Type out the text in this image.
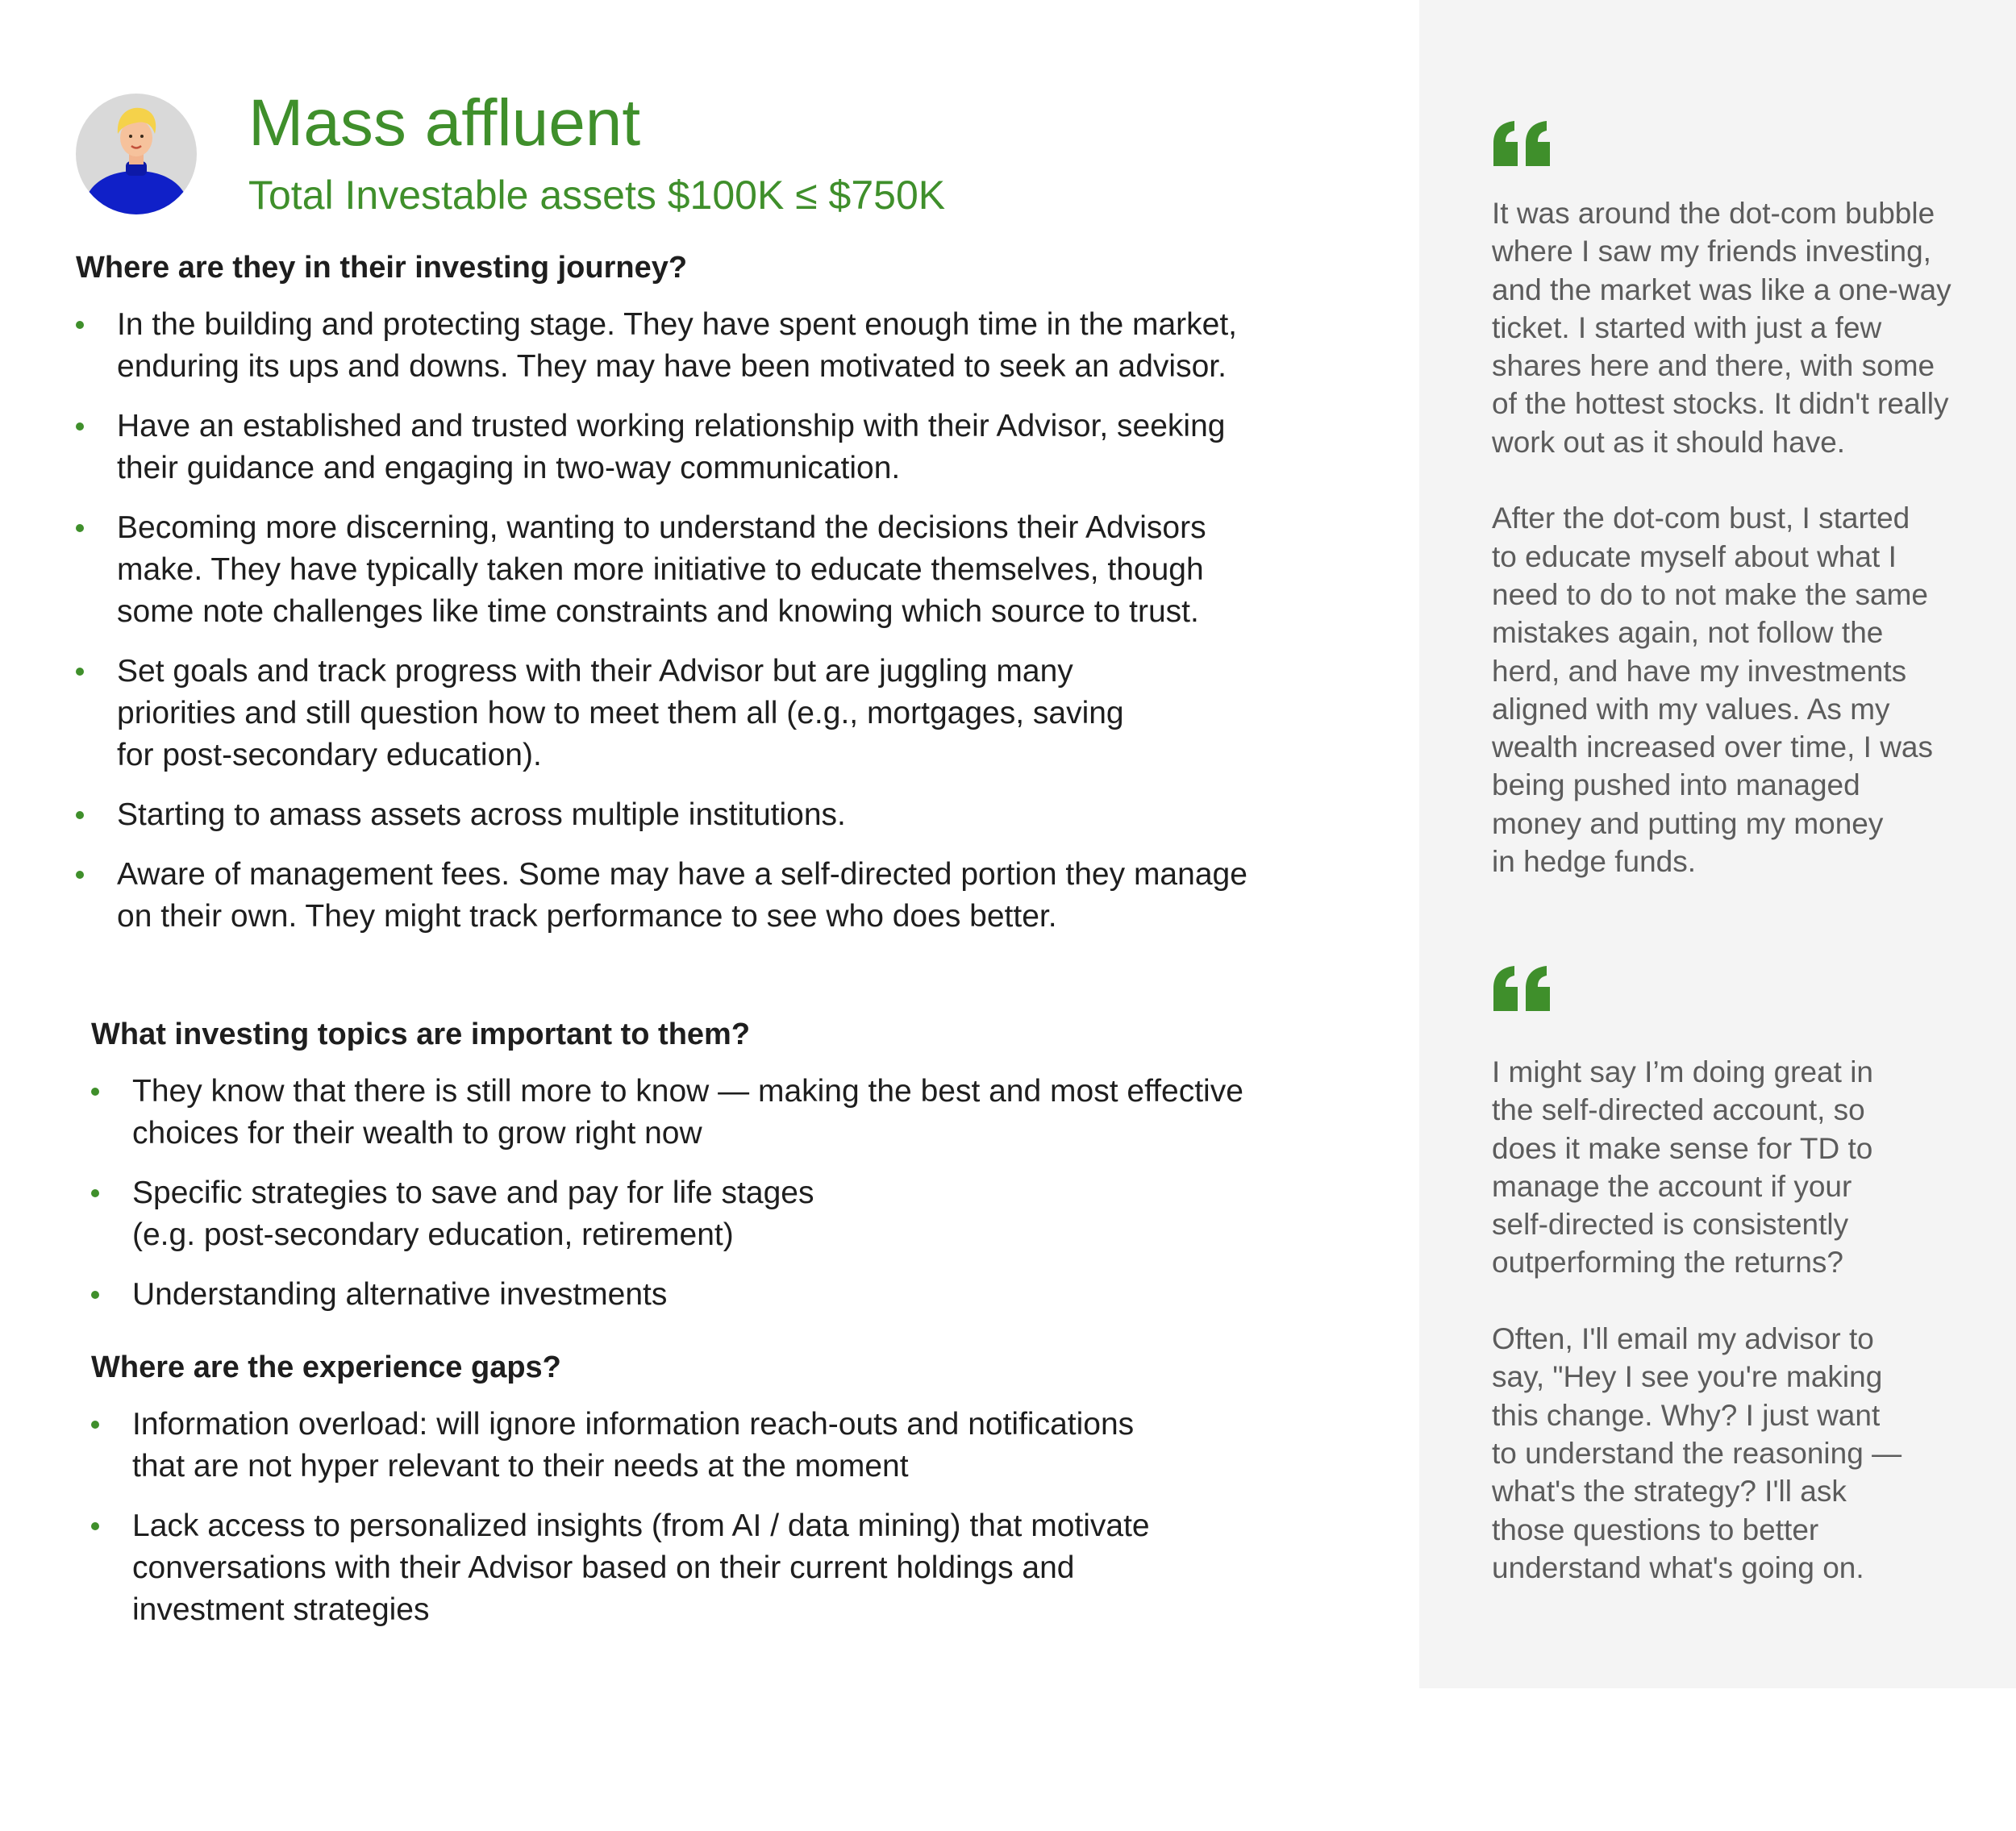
Mass affluent

Total Investable assets $100K ≤ $750K

Where are they in their investing journey?
In the building and protecting stage. They have spent enough time in the market,
enduring its ups and downs. They may have been motivated to seek an advisor.
Have an established and trusted working relationship with their Advisor, seeking
their guidance and engaging in two-way communication.
Becoming more discerning, wanting to understand the decisions their Advisors
make. They have typically taken more initiative to educate themselves, though
some note challenges like time constraints and knowing which source to trust.
Set goals and track progress with their Advisor but are juggling many
priorities and still question how to meet them all (e.g., mortgages, saving
for post-secondary education).
Starting to amass assets across multiple institutions.
Aware of management fees. Some may have a self-directed portion they manage
on their own. They might track performance to see who does better.
What investing topics are important to them?
They know that there is still more to know — making the best and most effective
choices for their wealth to grow right now
Specific strategies to save and pay for life stages
(e.g. post-secondary education, retirement)
Understanding alternative investments
Where are the experience gaps?
Information overload: will ignore information reach-outs and notifications
that are not hyper relevant to their needs at the moment
Lack access to personalized insights (from AI / data mining) that motivate
conversations with their Advisor based on their current holdings and
investment strategies

It was around the dot-com bubble
where I saw my friends investing,
and the market was like a one-way
ticket. I started with just a few
shares here and there, with some
of the hottest stocks. It didn't really
work out as it should have.

After the dot-com bust, I started
to educate myself about what I
need to do to not make the same
mistakes again, not follow the
herd, and have my investments
aligned with my values. As my
wealth increased over time, I was
being pushed into managed
money and putting my money
in hedge funds.

I might say I’m doing great in
the self-directed account, so
does it make sense for TD to
manage the account if your
self-directed is consistently
outperforming the returns?

Often, I'll email my advisor to
say, "Hey I see you're making
this change. Why? I just want
to understand the reasoning —
what's the strategy? I'll ask
those questions to better
understand what's going on.
